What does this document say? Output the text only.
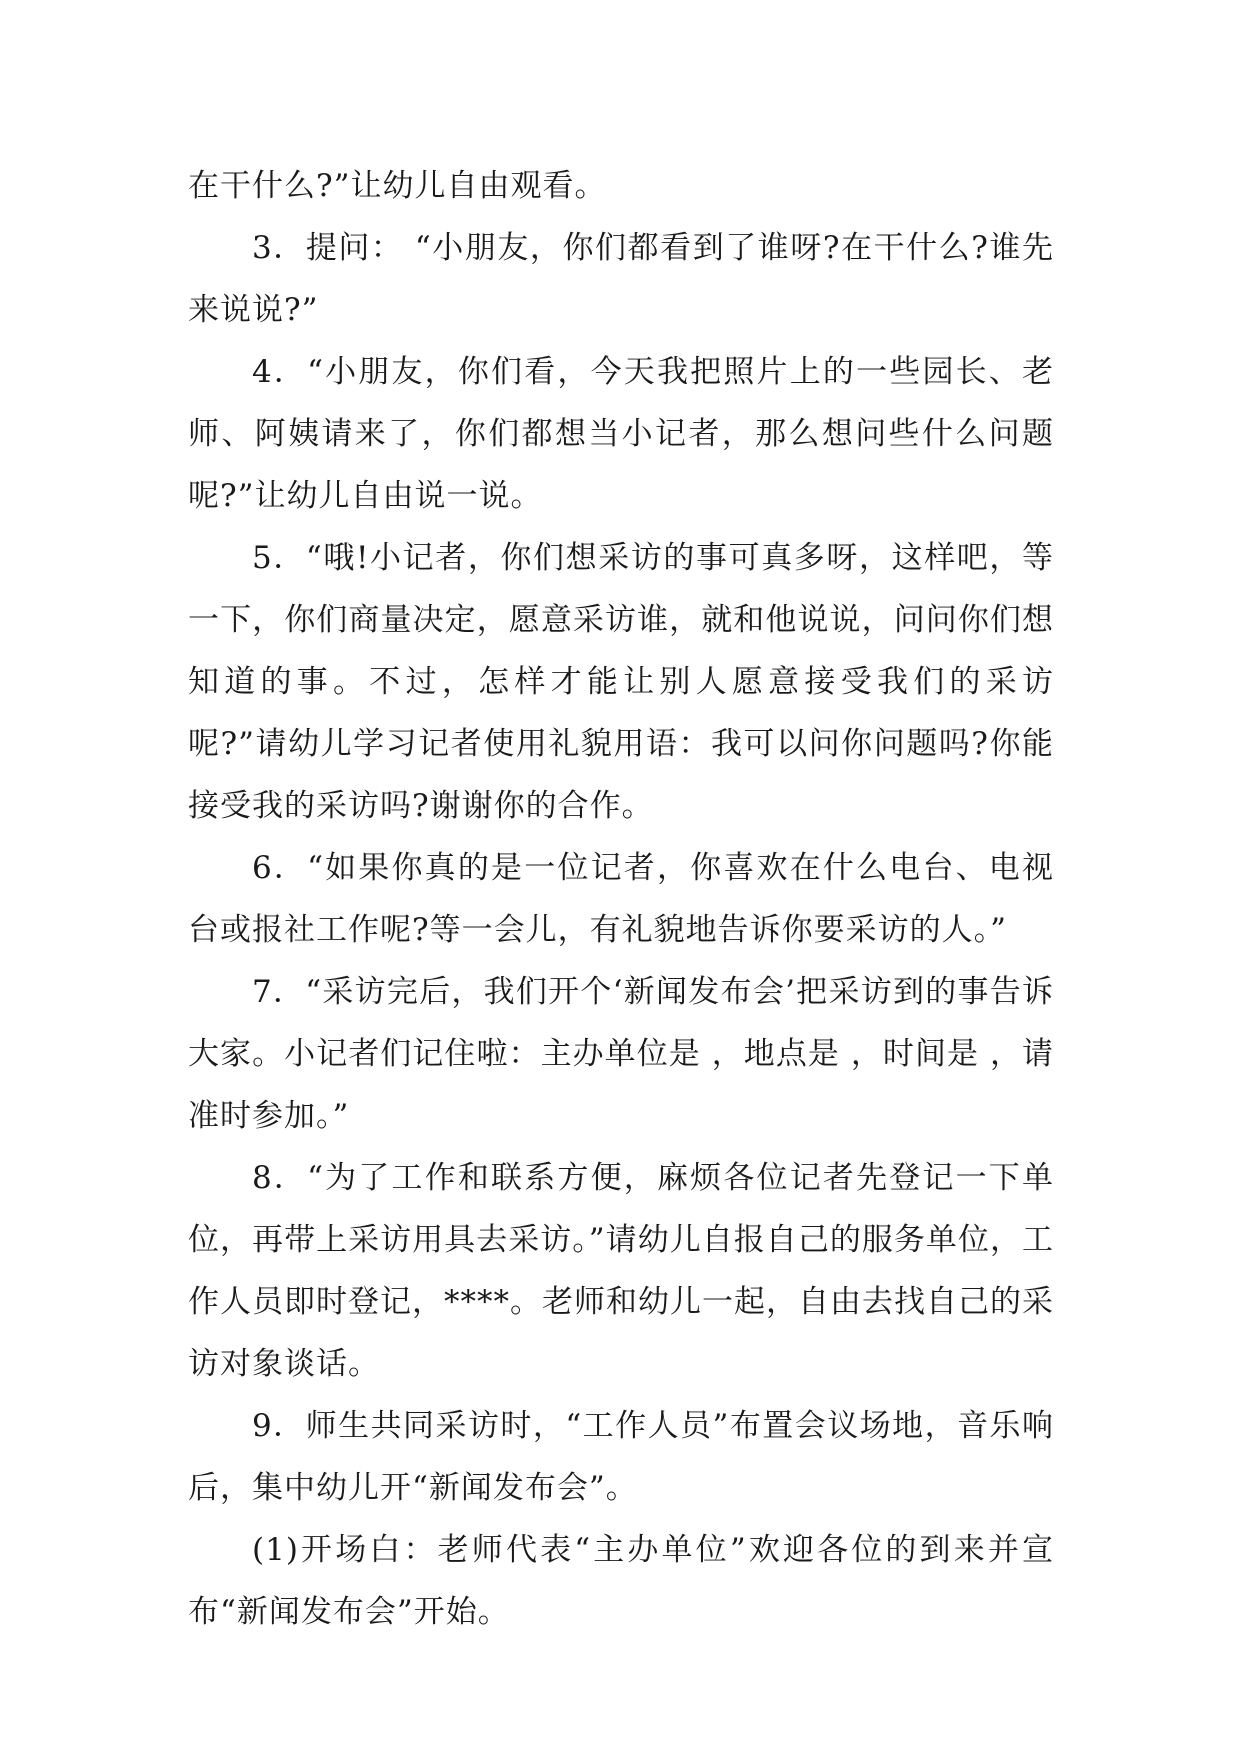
在干什么?”让幼儿自由观看。

3．提问： “小朋友，你们都看到了谁呀?在干什么?谁先来说说?”

4．“小朋友，你们看，今天我把照片上的一些园长、老师、阿姨请来了，你们都想当小记者，那么想问些什么问题呢?”让幼儿自由说一说。

5．“哦!小记者，你们想采访的事可真多呀，这样吧，等一下，你们商量决定，愿意采访谁，就和他说说，问问你们想知道的事。不过，怎样才能让别人愿意接受我们的采访呢?”请幼儿学习记者使用礼貌用语：我可以问你问题吗?你能接受我的采访吗?谢谢你的合作。

6．“如果你真的是一位记者，你喜欢在什么电台、电视台或报社工作呢?等一会儿，有礼貌地告诉你要采访的人。”

7．“采访完后，我们开个‘新闻发布会’把采访到的事告诉大家。小记者们记住啦：主办单位是 ，地点是 ，时间是 ，请准时参加。”

8．“为了工作和联系方便，麻烦各位记者先登记一下单位，再带上采访用具去采访。”请幼儿自报自己的服务单位，工作人员即时登记，****。老师和幼儿一起，自由去找自己的采访对象谈话。

9．师生共同采访时，“工作人员”布置会议场地，音乐响后，集中幼儿开“新闻发布会”。

(1)开场白：老师代表“主办单位”欢迎各位的到来并宣布“新闻发布会”开始。
